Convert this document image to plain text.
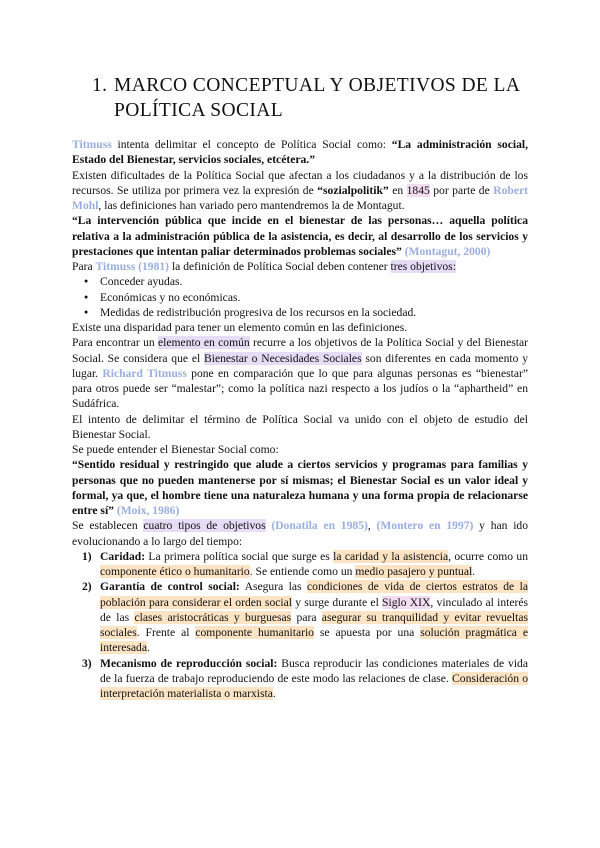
1. MARCO CONCEPTUAL Y OBJETIVOS DE LA
POLÍTICA SOCIAL

Titmuss intenta delimitar el concepto de Política Social como: “La administración social, Estado del Bienestar, servicios sociales, etcétera.”

Existen dificultades de la Política Social que afectan a los ciudadanos y a la distribución de los recursos. Se utiliza por primera vez la expresión de “sozialpolitik” en 1845 por parte de Robert Mohl, las definiciones han variado pero mantendremos la de Montagut.

“La intervención pública que incide en el bienestar de las personas… aquella política relativa a la administración pública de la asistencia, es decir, al desarrollo de los servicios y prestaciones que intentan paliar determinados problemas sociales” (Montagut, 2000)

Para Titmuss (1981) la definición de Política Social deben contener tres objetivos:

● Conceder ayudas.
● Económicas y no económicas.
● Medidas de redistribución progresiva de los recursos en la sociedad.

Existe una disparidad para tener un elemento común en las definiciones.

Para encontrar un elemento en común recurre a los objetivos de la Política Social y del Bienestar Social. Se considera que el Bienestar o Necesidades Sociales son diferentes en cada momento y lugar. Richard Titmuss pone en comparación que lo que para algunas personas es “bienestar” para otros puede ser “malestar”; como la política nazi respecto a los judíos o la “aphartheid” en Sudáfrica.

El intento de delimitar el término de Política Social va unido con el objeto de estudio del Bienestar Social.

Se puede entender el Bienestar Social como:

“Sentido residual y restringido que alude a ciertos servicios y programas para familias y personas que no pueden mantenerse por sí mismas; el Bienestar Social es un valor ideal y formal, ya que, el hombre tiene una naturaleza humana y una forma propia de relacionarse entre sí” (Moix, 1986)

Se establecen cuatro tipos de objetivos (Donatila en 1985), (Montero en 1997) y han ido evolucionando a lo largo del tiempo:

1) Caridad: La primera política social que surge es la caridad y la asistencia, ocurre como un componente ético o humanitario. Se entiende como un medio pasajero y puntual.
2) Garantía de control social: Asegura las condiciones de vida de ciertos estratos de la población para considerar el orden social y surge durante el Siglo XIX, vinculado al interés de las clases aristocráticas y burguesas para asegurar su tranquilidad y evitar revueltas sociales. Frente al componente humanitario se apuesta por una solución pragmática e interesada.
3) Mecanismo de reproducción social: Busca reproducir las condiciones materiales de vida de la fuerza de trabajo reproduciendo de este modo las relaciones de clase. Consideración o interpretación materialista o marxista.
